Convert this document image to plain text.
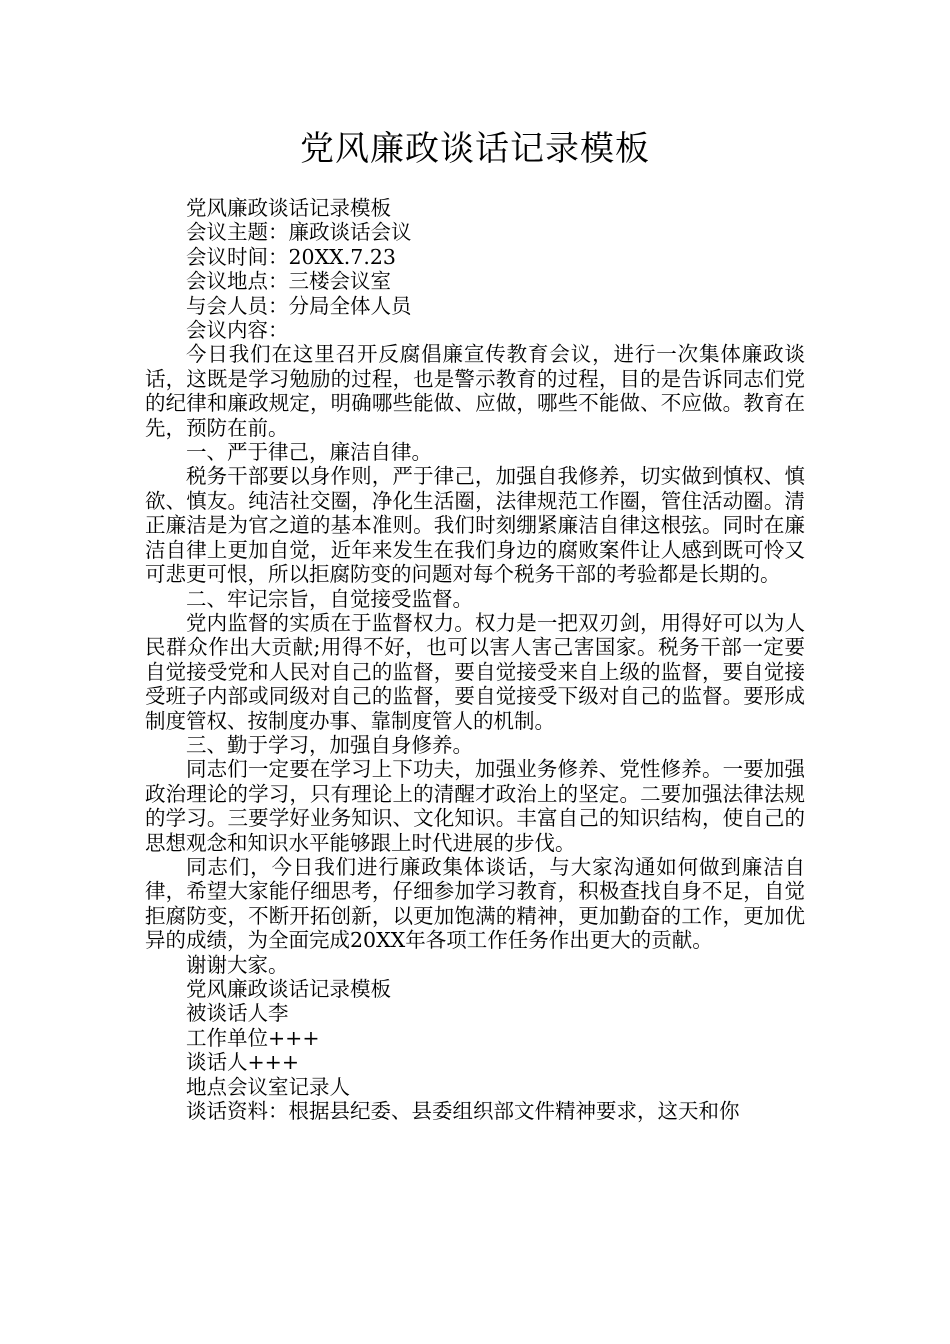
党风廉政谈话记录模板

党风廉政谈话记录模板

会议主题：廉政谈话会议

会议时间：20XX.7.23

会议地点：三楼会议室

与会人员：分局全体人员

会议内容：

今日我们在这里召开反腐倡廉宣传教育会议，进行一次集体廉政谈话，这既是学习勉励的过程，也是警示教育的过程，目的是告诉同志们党的纪律和廉政规定，明确哪些能做、应做，哪些不能做、不应做。教育在先，预防在前。

一、严于律己，廉洁自律。

税务干部要以身作则，严于律己，加强自我修养，切实做到慎权、慎欲、慎友。纯洁社交圈，净化生活圈，法律规范工作圈，管住活动圈。清正廉洁是为官之道的基本准则。我们时刻绷紧廉洁自律这根弦。同时在廉洁自律上更加自觉，近年来发生在我们身边的腐败案件让人感到既可怜又可悲更可恨，所以拒腐防变的问题对每个税务干部的考验都是长期的。

二、牢记宗旨，自觉接受监督。

党内监督的实质在于监督权力。权力是一把双刃剑，用得好可以为人民群众作出大贡献;用得不好，也可以害人害己害国家。税务干部一定要自觉接受党和人民对自己的监督，要自觉接受来自上级的监督，要自觉接受班子内部或同级对自己的监督，要自觉接受下级对自己的监督。要形成制度管权、按制度办事、靠制度管人的机制。

三、勤于学习，加强自身修养。

同志们一定要在学习上下功夫，加强业务修养、党性修养。一要加强政治理论的学习，只有理论上的清醒才政治上的坚定。二要加强法律法规的学习。三要学好业务知识、文化知识。丰富自己的知识结构，使自己的思想观念和知识水平能够跟上时代进展的步伐。

同志们，今日我们进行廉政集体谈话，与大家沟通如何做到廉洁自律，希望大家能仔细思考，仔细参加学习教育，积极查找自身不足，自觉拒腐防变，不断开拓创新，以更加饱满的精神，更加勤奋的工作，更加优异的成绩，为全面完成20XX年各项工作任务作出更大的贡献。

谢谢大家。

党风廉政谈话记录模板

被谈话人李

工作单位+++

谈话人+++

地点会议室记录人

谈话资料：根据县纪委、县委组织部文件精神要求，这天和你
